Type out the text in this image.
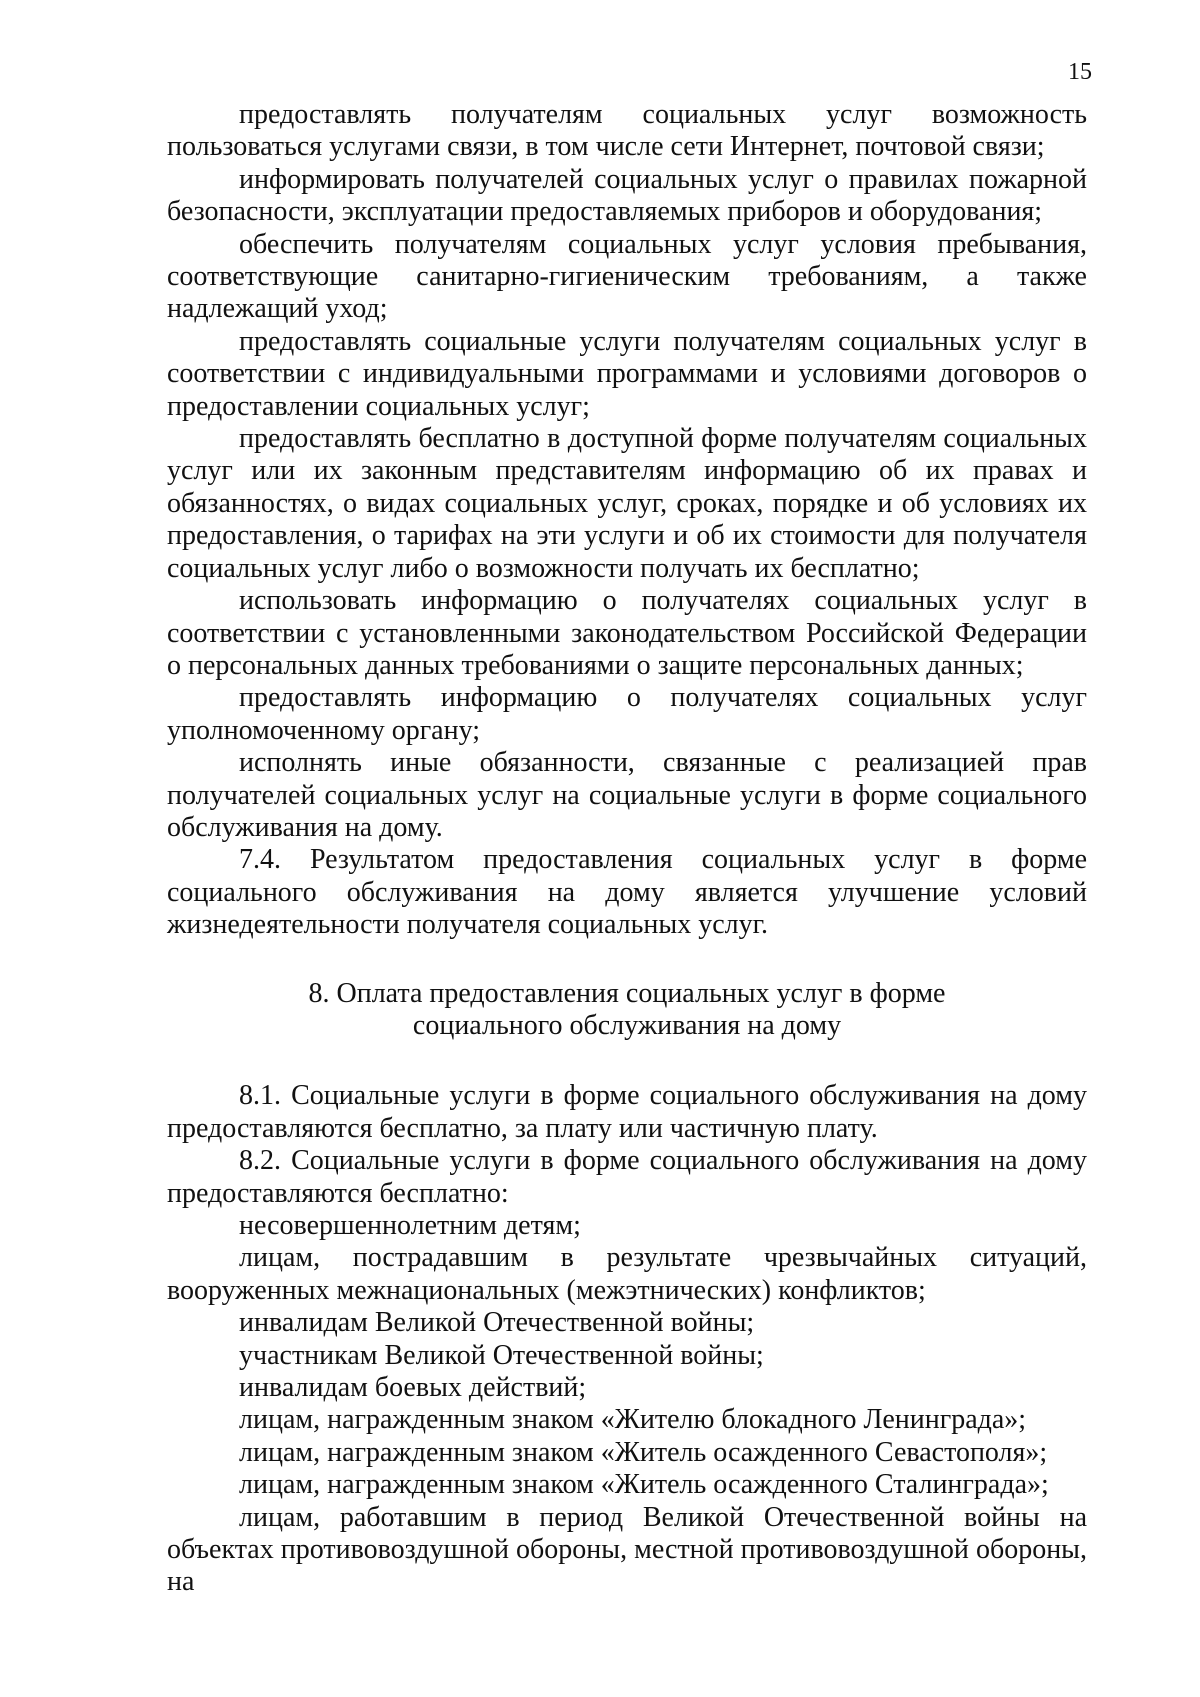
15

предоставлять получателям социальных услуг возможность пользоваться услугами связи, в том числе сети Интернет, почтовой связи;

информировать получателей социальных услуг о правилах пожарной безопасности, эксплуатации предоставляемых приборов и оборудования;

обеспечить получателям социальных услуг условия пребывания, соответствующие санитарно-гигиеническим требованиям, а также надлежащий уход;

предоставлять социальные услуги получателям социальных услуг в соответствии с индивидуальными программами и условиями договоров о предоставлении социальных услуг;

предоставлять бесплатно в доступной форме получателям социальных услуг или их законным представителям информацию об их правах и обязанностях, о видах социальных услуг, сроках, порядке и об условиях их предоставления, о тарифах на эти услуги и об их стоимости для получателя социальных услуг либо о возможности получать их бесплатно;

использовать информацию о получателях социальных услуг в соответствии с установленными законодательством Российской Федерации о персональных данных требованиями о защите персональных данных;

предоставлять информацию о получателях социальных услуг уполномоченному органу;

исполнять иные обязанности, связанные с реализацией прав получателей социальных услуг на социальные услуги в форме социального обслуживания на дому.

7.4. Результатом предоставления социальных услуг в форме социального обслуживания на дому является улучшение условий жизнедеятельности получателя социальных услуг.

8. Оплата предоставления социальных услуг в форме
социального обслуживания на дому

8.1. Социальные услуги в форме социального обслуживания на дому предоставляются бесплатно, за плату или частичную плату.

8.2. Социальные услуги в форме социального обслуживания на дому предоставляются бесплатно:

несовершеннолетним детям;

лицам, пострадавшим в результате чрезвычайных ситуаций, вооруженных межнациональных (межэтнических) конфликтов;

инвалидам Великой Отечественной войны;

участникам Великой Отечественной войны;

инвалидам боевых действий;

лицам, награжденным знаком «Жителю блокадного Ленинграда»;

лицам, награжденным знаком «Житель осажденного Севастополя»;

лицам, награжденным знаком «Житель осажденного Сталинграда»;

лицам, работавшим в период Великой Отечественной войны на объектах противовоздушной обороны, местной противовоздушной обороны, на
